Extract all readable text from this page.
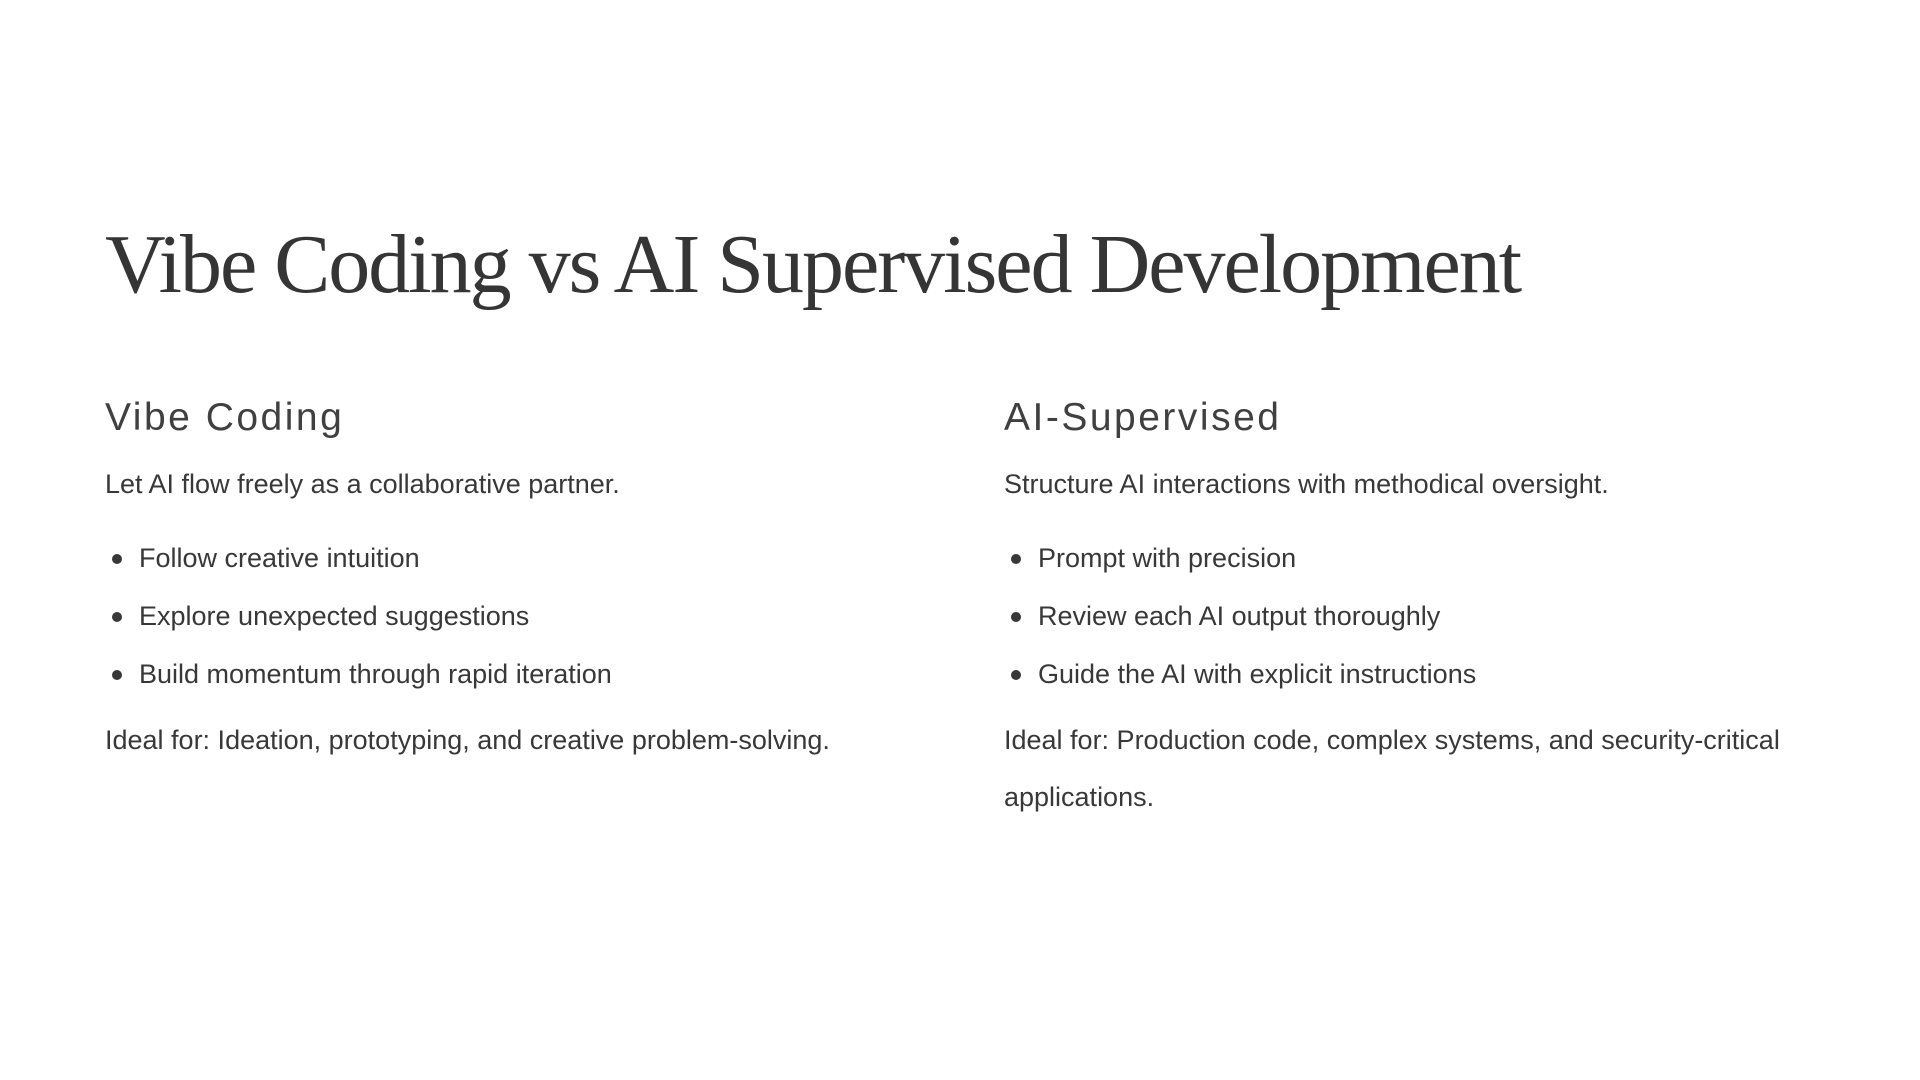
Vibe Coding vs AI Supervised Development
Vibe Coding

Let AI flow freely as a collaborative partner.

Follow creative intuition
Explore unexpected suggestions
Build momentum through rapid iteration

Ideal for: Ideation, prototyping, and creative problem-solving.

AI-Supervised

Structure AI interactions with methodical oversight.

Prompt with precision
Review each AI output thoroughly
Guide the AI with explicit instructions

Ideal for: Production code, complex systems, and security-critical applications.
